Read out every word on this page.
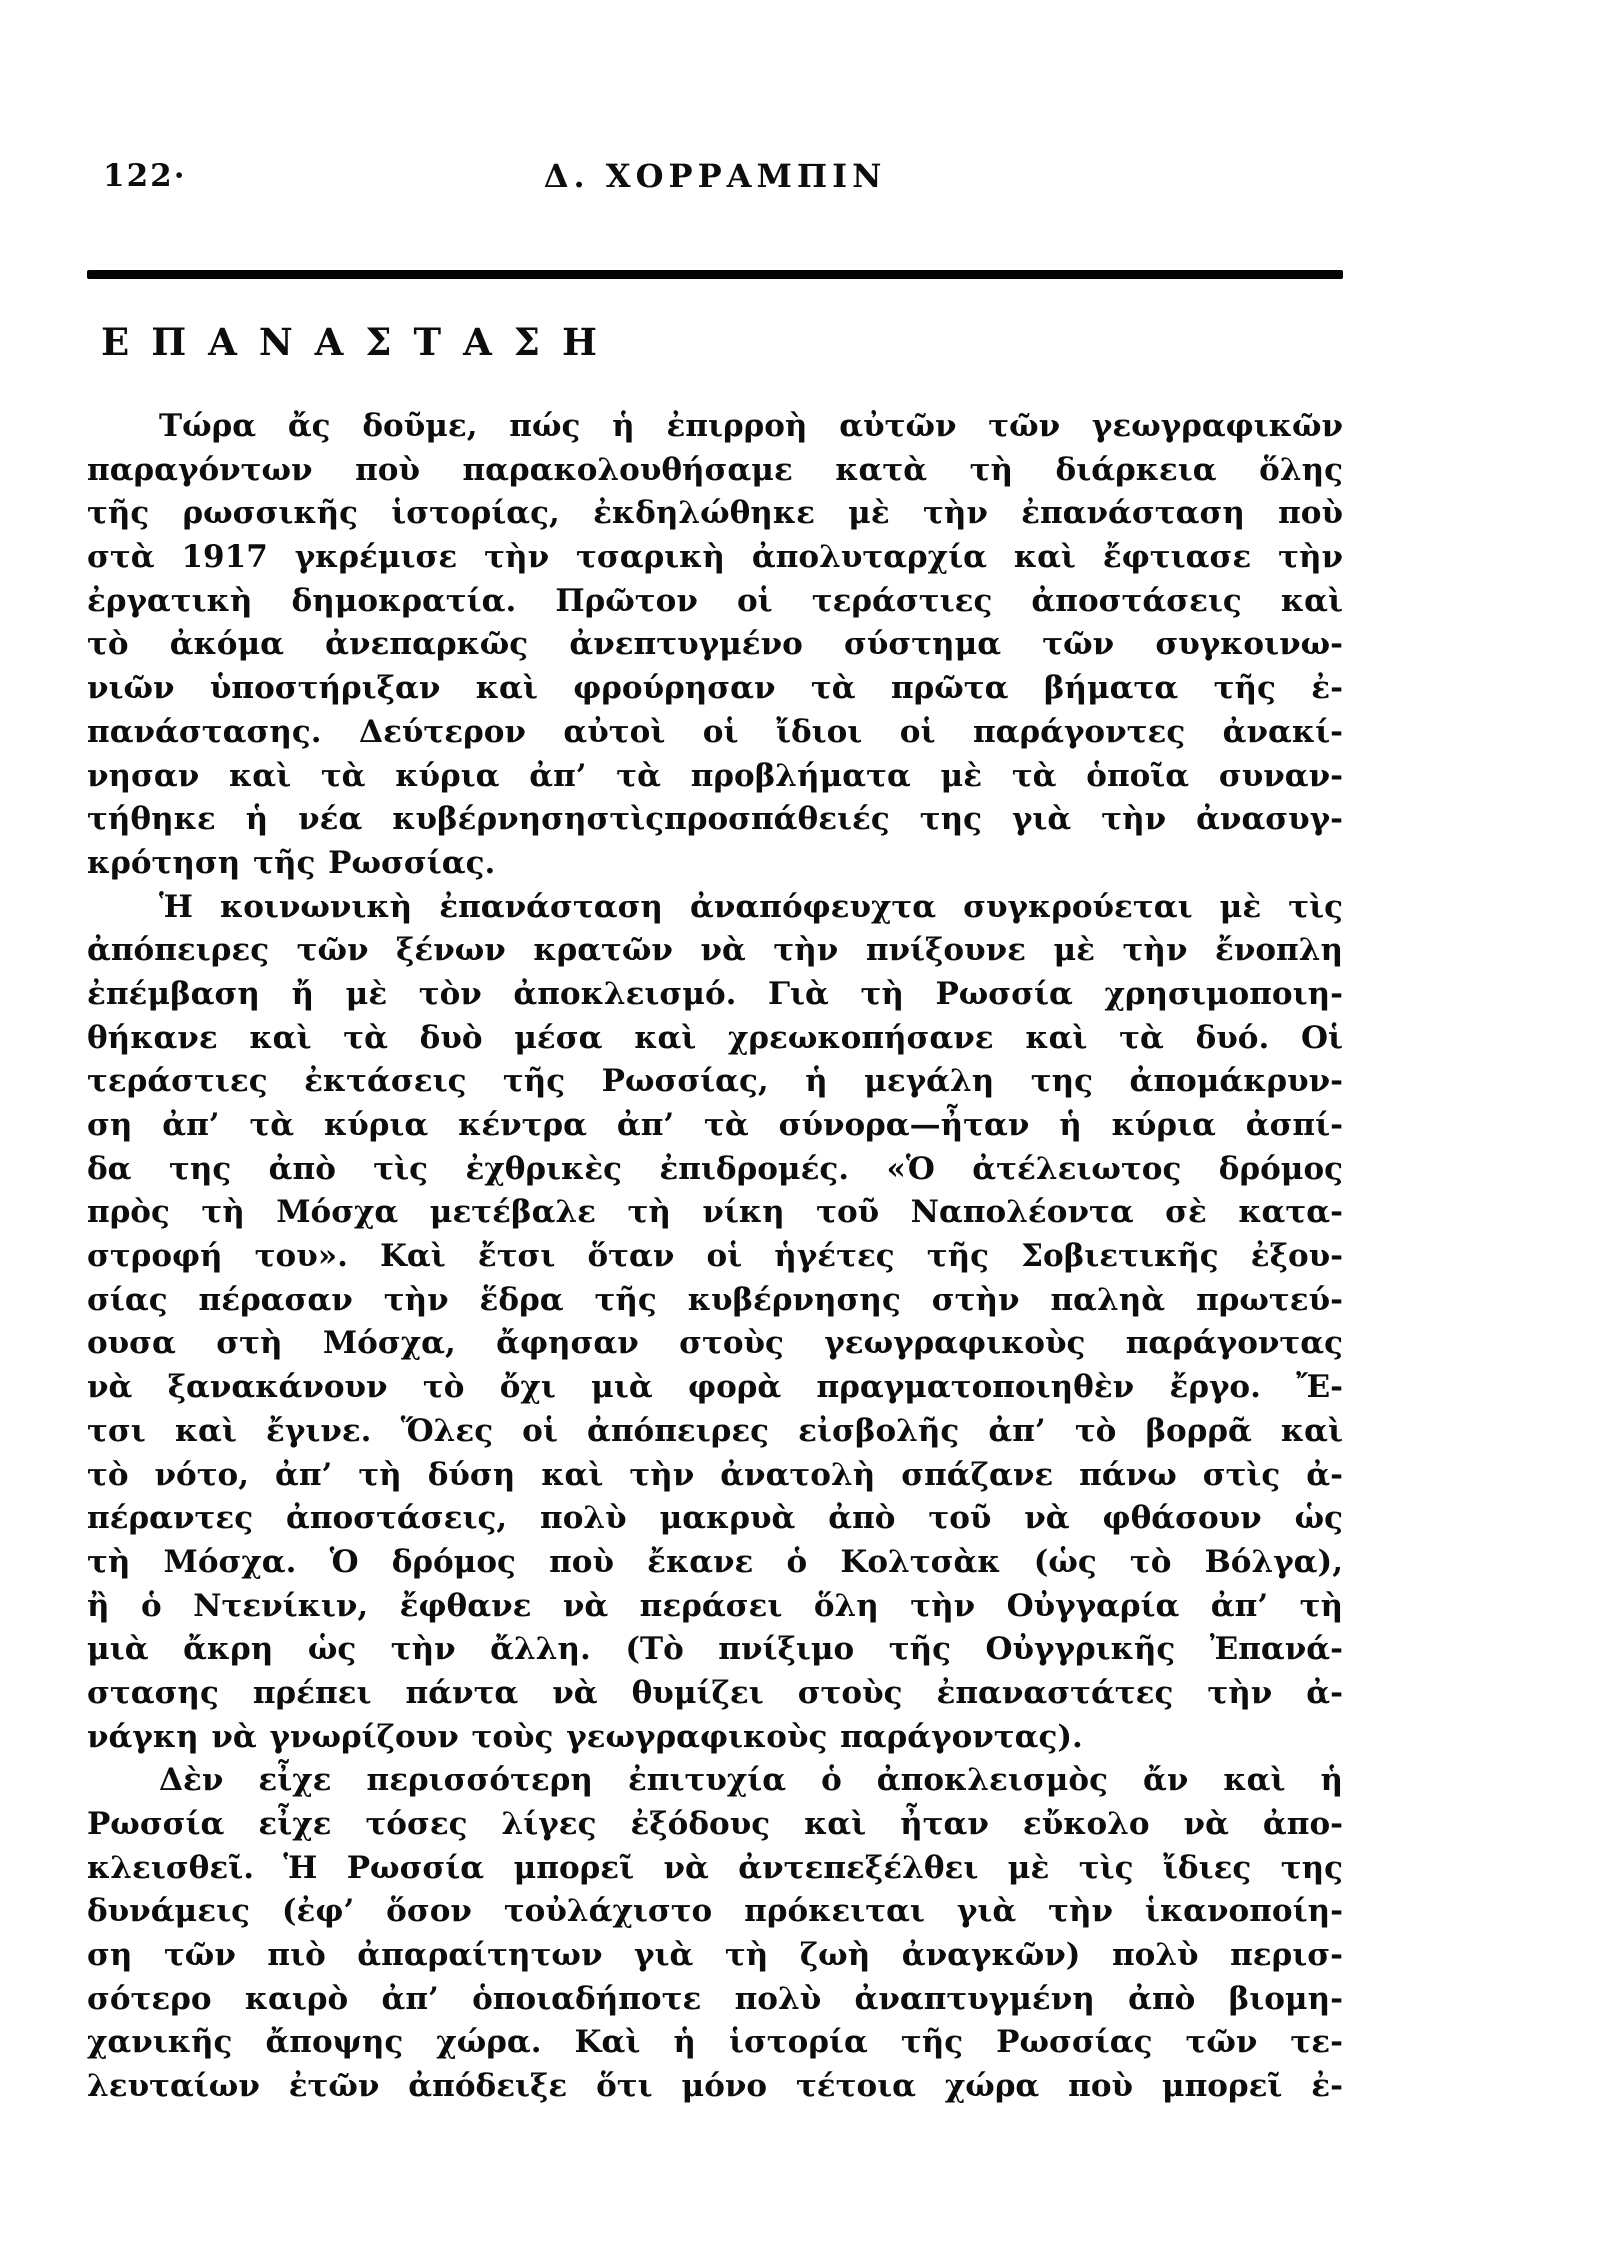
122·	Δ. ΧΟΡΡΑΜΠΙΝ
ΕΠΑΝΑΣΤΑΣΗ
Τώρα ἄς δοῦμε, πώς ἡ ἐπιρροὴ αὐτῶν τῶν γεωγραφικῶν
παραγόντων ποὺ παρακολουθήσαμε κατὰ τὴ διάρκεια ὅλης
τῆς ρωσσικῆς ἱστορίας, ἐκδηλώθηκε μὲ τὴν ἐπανάσταση ποὺ
στὰ 1917 γκρέμισε τὴν τσαρικὴ ἀπολυταρχία καὶ ἔφτιασε τὴν
ἐργατικὴ δημοκρατία. Πρῶτον οἱ τεράστιες ἀποστάσεις καὶ
τὸ ἀκόμα ἀνεπαρκῶς ἀνεπτυγμένο σύστημα τῶν συγκοινω-
νιῶν ὑποστήριξαν καὶ φρούρησαν τὰ πρῶτα βήματα τῆς ἐ-
πανάστασης. Δεύτερον αὐτοὶ οἱ ἴδιοι οἱ παράγοντες ἀνακί-
νησαν καὶ τὰ κύρια ἀπ’ τὰ προβλήματα μὲ τὰ ὁποῖα συναν-
τήθηκε ἡ νέα κυβέρνησηστὶςπροσπάθειές της γιὰ τὴν ἀνασυγ-
κρότηση τῆς Ρωσσίας.
Ἡ κοινωνικὴ ἐπανάσταση ἀναπόφευχτα συγκρούεται μὲ τὶς
ἀπόπειρες τῶν ξένων κρατῶν νὰ τὴν πνίξουνε μὲ τὴν ἔνοπλη
ἐπέμβαση ἤ μὲ τὸν ἀποκλεισμό. Γιὰ τὴ Ρωσσία χρησιμοποιη-
θήκανε καὶ τὰ δυὸ μέσα καὶ χρεωκοπήσανε καὶ τὰ δυό. Οἱ
τεράστιες ἐκτάσεις τῆς Ρωσσίας, ἡ μεγάλη της ἀπομάκρυν-
ση ἀπ’ τὰ κύρια κέντρα ἀπ’ τὰ σύνορα—ἦταν ἡ κύρια ἀσπί-
δα της ἀπὸ τὶς ἐχθρικὲς ἐπιδρομές. «Ὁ ἀτέλειωτος δρόμος
πρὸς τὴ Μόσχα μετέβαλε τὴ νίκη τοῦ Ναπολέοντα σὲ κατα-
στροφή του». Καὶ ἔτσι ὅταν οἱ ἡγέτες τῆς Σοβιετικῆς ἐξου-
σίας πέρασαν τὴν ἕδρα τῆς κυβέρνησης στὴν παληὰ πρωτεύ-
ουσα στὴ Μόσχα, ἄφησαν στοὺς γεωγραφικοὺς παράγοντας
νὰ ξανακάνουν τὸ ὄχι μιὰ φορὰ πραγματοποιηθὲν ἔργο. Ἔ-
τσι καὶ ἔγινε. Ὅλες οἱ ἀπόπειρες εἰσβολῆς ἀπ’ τὸ βορρᾶ καὶ
τὸ νότο, ἀπ’ τὴ δύση καὶ τὴν ἀνατολὴ σπάζανε πάνω στὶς ἀ-
πέραντες ἀποστάσεις, πολὺ μακρυὰ ἀπὸ τοῦ νὰ φθάσουν ὡς
τὴ Μόσχα. Ὁ δρόμος ποὺ ἔκανε ὁ Κολτσὰκ (ὡς τὸ Βόλγα),
ἢ ὁ Ντενίκιν, ἔφθανε νὰ περάσει ὅλη τὴν Οὐγγαρία ἀπ’ τὴ
μιὰ ἄκρη ὡς τὴν ἄλλη. (Τὸ πνίξιμο τῆς Οὐγγρικῆς Ἐπανά-
στασης πρέπει πάντα νὰ θυμίζει στοὺς ἐπαναστάτες τὴν ἀ-
νάγκη νὰ γνωρίζουν τοὺς γεωγραφικοὺς παράγοντας).
Δὲν εἶχε περισσότερη ἐπιτυχία ὁ ἀποκλεισμὸς ἄν καὶ ἡ
Ρωσσία εἶχε τόσες λίγες ἐξόδους καὶ ἦταν εὔκολο νὰ ἀπο-
κλεισθεῖ. Ἡ Ρωσσία μπορεῖ νὰ ἀντεπεξέλθει μὲ τὶς ἴδιες της
δυνάμεις (ἐφ’ ὅσον τοὐλάχιστο πρόκειται γιὰ τὴν ἱκανοποίη-
ση τῶν πιὸ ἀπαραίτητων γιὰ τὴ ζωὴ ἀναγκῶν) πολὺ περισ-
σότερο καιρὸ ἀπ’ ὁποιαδήποτε πολὺ ἀναπτυγμένη ἀπὸ βιομη-
χανικῆς ἄποψης χώρα. Καὶ ἡ ἱστορία τῆς Ρωσσίας τῶν τε-
λευταίων ἐτῶν ἀπόδειξε ὅτι μόνο τέτοια χώρα ποὺ μπορεῖ ἐ-
